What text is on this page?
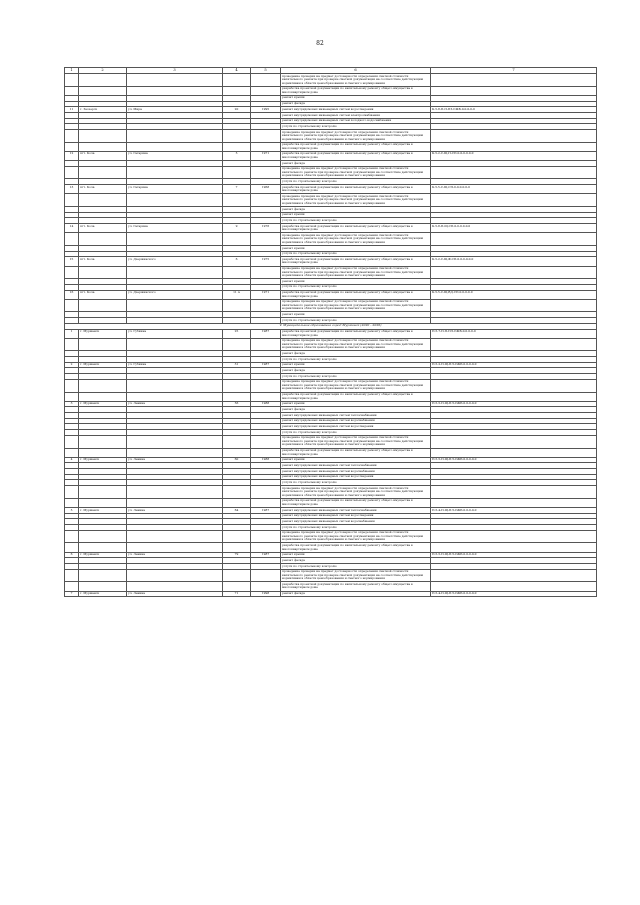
82
1	2	3	4	5	6	7
					проведение проверки на предмет достоверности определения сметной стоимости капитального ремонта при проверке сметной документации на соответствие действующим нормативам в области ценообразования и сметного нормирования	
					разработка проектной документации по капитальному ремонту общего имущества в многоквартирном доме	
					ремонт крыши	
					ремонт фасада	
11	г. Заозерск	ул. Мира	20	1995	ремонт внутридомовых инженерных систем водоотведения	К-5-8-П-П-ПЗ-СЖБ-0-0-0-0-0
					ремонт внутридомовых инженерных систем электроснабжения	
					ремонт внутридомовых инженерных систем холодного водоснабжения	
					услуги по строительному контролю	
					проведение проверки на предмет достоверности определения сметной стоимости капитального ремонта при проверке сметной документации на соответствие действующим нормативам в области ценообразования и сметного нормирования	
					разработка проектной документации по капитальному ремонту общего имущества в многоквартирном доме	
12	пгт. Кола	ул. Гагарина	5	1971	разработка проектной документации по капитальному ремонту общего имущества в многоквартирном доме	К-5-2-С-Щ-П-СП-0-0-0-0-0-0
					ремонт фасада	
					проведение проверки на предмет достоверности определения сметной стоимости капитального ремонта при проверке сметной документации на соответствие действующим нормативам в области ценообразования и сметного нормирования	
					услуги по строительному контролю	
13	пгт. Кола	ул. Гагарина	7	1968	разработка проектной документации по капитальному ремонту общего имущества в многоквартирном доме	К-5-5-С-Щ-СП-0-0-0-0-0-0
					проведение проверки на предмет достоверности определения сметной стоимости капитального ремонта при проверке сметной документации на соответствие действующим нормативам в области ценообразования и сметного нормирования	
					ремонт фасада	
					ремонт крыши	
					услуги по строительному контролю	
14	пгт. Кола	ул. Гагарина	9	1976	разработка проектной документации по капитальному ремонту общего имущества в многоквартирном доме	К-5-8-П-Щ-СП-0-0-0-0-0-0
					проведение проверки на предмет достоверности определения сметной стоимости капитального ремонта при проверке сметной документации на соответствие действующим нормативам в области ценообразования и сметного нормирования	
					ремонт крыши	
					услуги по строительному контролю	
15	пгт. Кола	ул. Дзержинского	6	1975	разработка проектной документации по капитальному ремонту общего имущества в многоквартирном доме	К-5-2-С-Щ-Ф-СП-0-0-0-0-0-0
					проведение проверки на предмет достоверности определения сметной стоимости капитального ремонта при проверке сметной документации на соответствие действующим нормативам в области ценообразования и сметного нормирования	
					ремонт крыши	
					услуги по строительному контролю	
16	пгт. Кола	ул. Дзержинского	11 А	1971	разработка проектной документации по капитальному ремонту общего имущества в многоквартирном доме	К-5-5-С-Щ-ВД-СП-0-0-0-0-0
					проведение проверки на предмет достоверности определения сметной стоимости капитального ремонта при проверке сметной документации на соответствие действующим нормативам в области ценообразования и сметного нормирования	
					ремонт крыши	
					услуги по строительному контролю	
V. Муниципальное образование город Мурманск (2020 - 2026)						
1	г. Мурманск	ул. Губкина	25	1987	разработка проектной документации по капитальному ремонту общего имущества в многоквартирном доме	П-5-7-П-П-ПЛ-СЖБ-0-0-0-0-0
					проведение проверки на предмет достоверности определения сметной стоимости капитального ремонта при проверке сметной документации на соответствие действующим нормативам в области ценообразования и сметного нормирования	
					ремонт фасада	
					услуги по строительному контролю	
2	г. Мурманск	ул. Губкина	31	1987	ремонт крыши	П-5-2-П-Щ-ПЛ-СЖБ-0-0-0-0-0
					ремонт фасада	
					услуги по строительному контролю	
					проведение проверки на предмет достоверности определения сметной стоимости капитального ремонта при проверке сметной документации на соответствие действующим нормативам в области ценообразования и сметного нормирования	
					разработка проектной документации по капитальному ремонту общего имущества в многоквартирном доме	
3	г. Мурманск	ул. Ленина	56	1988	ремонт крыши	П-5-5-П-Щ-ПЛ-СЖБ-0-0-0-0-0
					ремонт фасада	
					ремонт внутридомовых инженерных систем теплоснабжения	
					ремонт внутридомовых инженерных систем водоснабжения	
					ремонт внутридомовых инженерных систем водоотведения	
					услуги по строительному контролю	
					проведение проверки на предмет достоверности определения сметной стоимости капитального ремонта при проверке сметной документации на соответствие действующим нормативам в области ценообразования и сметного нормирования	
					разработка проектной документации по капитальному ремонту общего имущества в многоквартирном доме	
4	г. Мурманск	ул. Ленина	60	1988	ремонт крыши	П-5-5-П-Щ-ПЛ-СЖБ-0-0-0-0-0
					ремонт внутридомовых инженерных систем теплоснабжения	
					ремонт внутридомовых инженерных систем водоснабжения	
					ремонт внутридомовых инженерных систем водоотведения	
					услуги по строительному контролю	
					проведение проверки на предмет достоверности определения сметной стоимости капитального ремонта при проверке сметной документации на соответствие действующим нормативам в области ценообразования и сметного нормирования	
					разработка проектной документации по капитальному ремонту общего имущества в многоквартирном доме	
5	г. Мурманск	ул. Ленина	64	1987	ремонт внутридомовых инженерных систем теплоснабжения	П-5-4-П-Щ-ПЛ-СЖБ-0-0-0-0-0
					ремонт внутридомовых инженерных систем водоотведения	
					ремонт внутридомовых инженерных систем водоснабжения	
					услуги по строительному контролю	
					проведение проверки на предмет достоверности определения сметной стоимости капитального ремонта при проверке сметной документации на соответствие действующим нормативам в области ценообразования и сметного нормирования	
					разработка проектной документации по капитальному ремонту общего имущества в многоквартирном доме	
6	г. Мурманск	ул. Ленина	79	1987	ремонт крыши	П-5-5-П-Щ-ПЛ-СЖБ-0-0-0-0-0
					ремонт фасада	
					услуги по строительному контролю	
					проведение проверки на предмет достоверности определения сметной стоимости капитального ремонта при проверке сметной документации на соответствие действующим нормативам в области ценообразования и сметного нормирования	
					разработка проектной документации по капитальному ремонту общего имущества в многоквартирном доме	
7	г. Мурманск	ул. Ленина	71	1998	ремонт фасада	П-5-4-П-Щ-ПЛ-СЖБ-0-0-0-0-0
